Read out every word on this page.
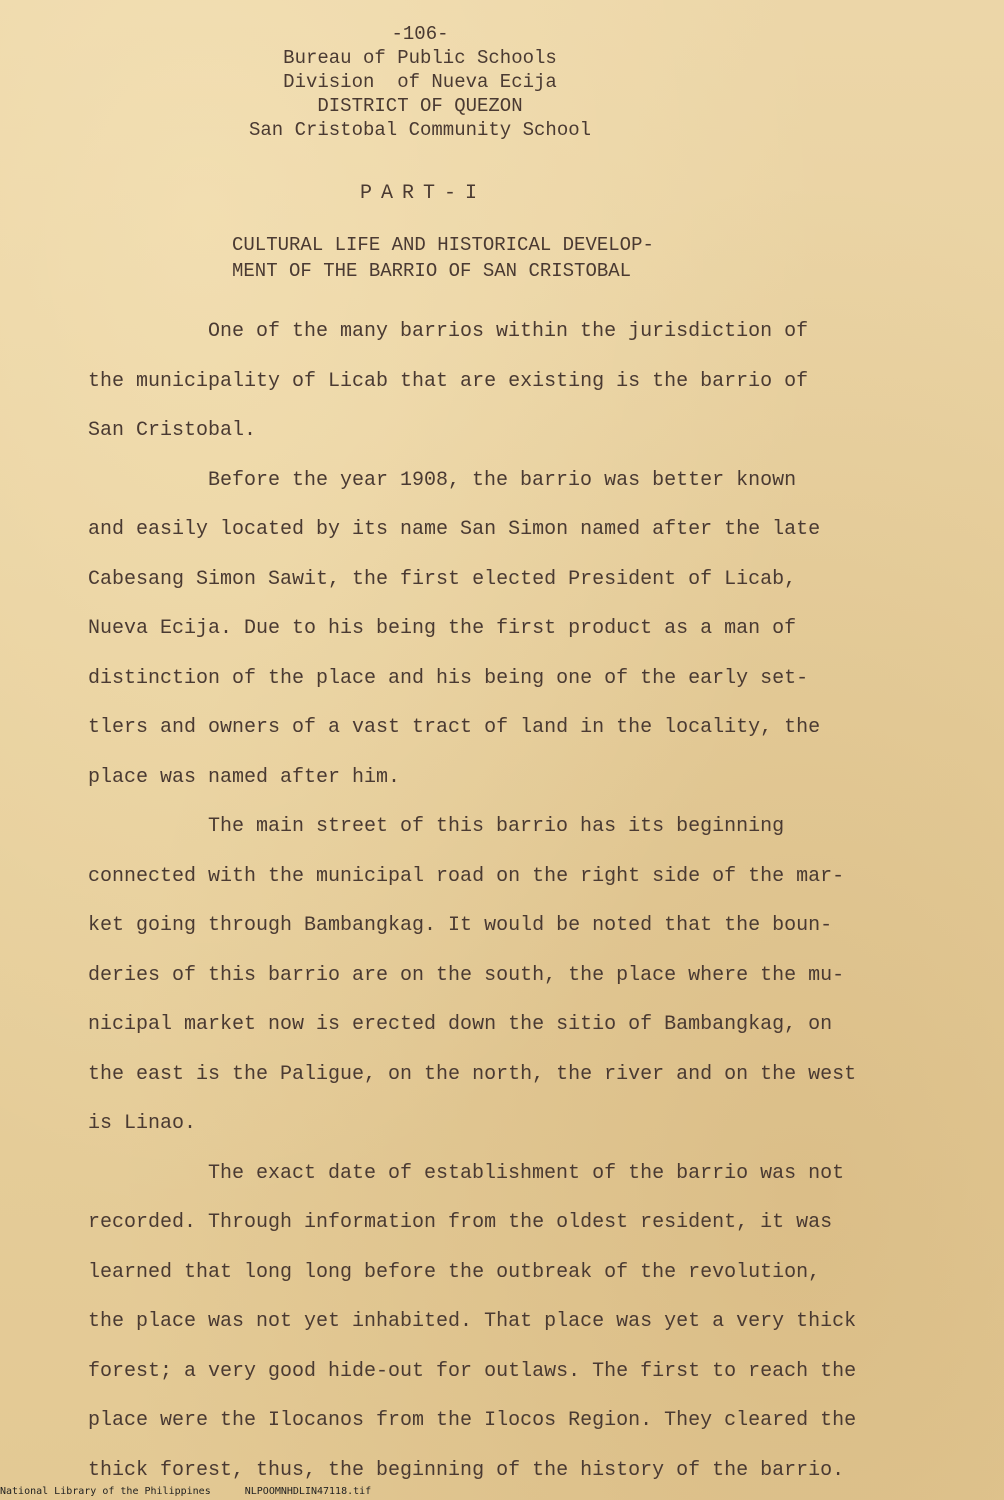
-106-
Bureau of Public Schools
Division  of Nueva Ecija
DISTRICT OF QUEZON
San Cristobal Community School
PART-I
CULTURAL LIFE AND HISTORICAL DEVELOP-
MENT OF THE BARRIO OF SAN CRISTOBAL
One of the many barrios within the jurisdiction of
the municipality of Licab that are existing is the barrio of
San Cristobal.
Before the year 1908, the barrio was better known
and easily located by its name San Simon named after the late
Cabesang Simon Sawit, the first elected President of Licab,
Nueva Ecija. Due to his being the first product as a man of
distinction of the place and his being one of the early set-
tlers and owners of a vast tract of land in the locality, the
place was named after him.
The main street of this barrio has its beginning
connected with the municipal road on the right side of the mar-
ket going through Bambangkag. It would be noted that the boun-
deries of this barrio are on the south, the place where the mu-
nicipal market now is erected down the sitio of Bambangkag, on
the east is the Paligue, on the north, the river and on the west
is Linao.
The exact date of establishment of the barrio was not
recorded. Through information from the oldest resident, it was
learned that long long before the outbreak of the revolution,
the place was not yet inhabited. That place was yet a very thick
forest; a very good hide-out for outlaws. The first to reach the
place were the Ilocanos from the Ilocos Region. They cleared the
thick forest, thus, the beginning of the history of the barrio.
National Library of the Philippines	NLPOOMNHDLIN47118.tif
